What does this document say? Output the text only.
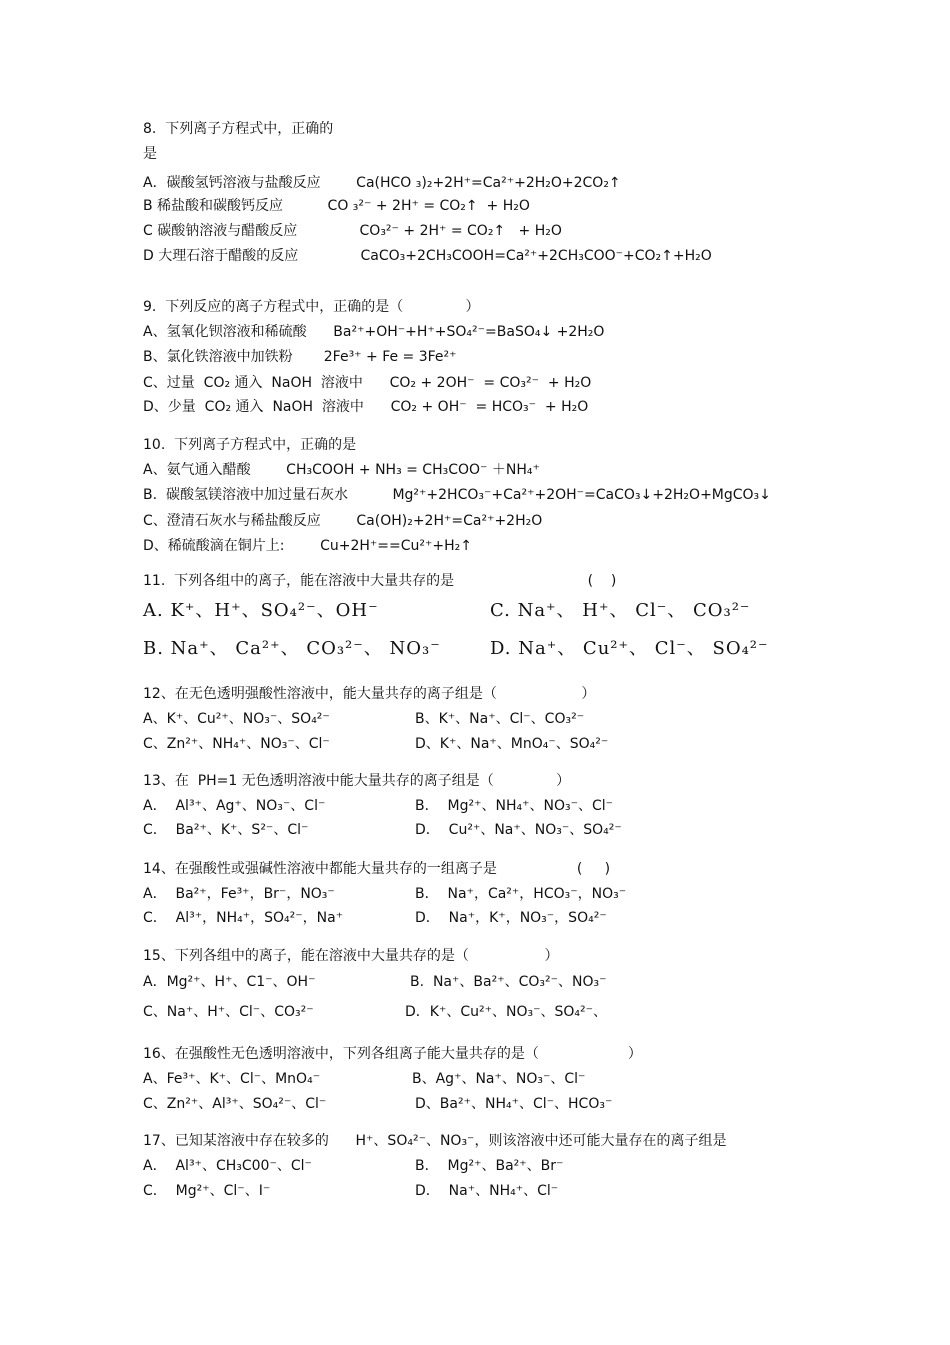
8.  下列离子方程式中，正确的
是
A．碳酸氢钙溶液与盐酸反应        Ca(HCO ₃)₂+2H⁺=Ca²⁺+2H₂O+2CO₂↑
B 稀盐酸和碳酸钙反应          CO ₃²⁻ + 2H⁺ = CO₂↑  + H₂O
C 碳酸钠溶液与醋酸反应              CO₃²⁻ + 2H⁺ = CO₂↑   + H₂O
D 大理石溶于醋酸的反应              CaCO₃+2CH₃COOH=Ca²⁺+2CH₃COO⁻+CO₂↑+H₂O
9.  下列反应的离子方程式中，正确的是（              ）
A、氢氧化钡溶液和稀硫酸      Ba²⁺+OH⁻+H⁺+SO₄²⁻=BaSO₄↓ +2H₂O
B、氯化铁溶液中加铁粉       2Fe³⁺ + Fe = 3Fe²⁺
C、过量  CO₂ 通入  NaOH  溶液中      CO₂ + 2OH⁻  = CO₃²⁻  + H₂O
D、少量  CO₂ 通入  NaOH  溶液中      CO₂ + OH⁻  = HCO₃⁻  + H₂O
10.  下列离子方程式中，正确的是
A、氨气通入醋酸        CH₃COOH + NH₃ = CH₃COO⁻ ＋NH₄⁺
B.  碳酸氢镁溶液中加过量石灰水          Mg²⁺+2HCO₃⁻+Ca²⁺+2OH⁻=CaCO₃↓+2H₂O+MgCO₃↓
C、澄清石灰水与稀盐酸反应        Ca(OH)₂+2H⁺=Ca²⁺+2H₂O
D、稀硫酸滴在铜片上:        Cu+2H⁺==Cu²⁺+H₂↑
11.  下列各组中的离子，能在溶液中大量共存的是                              (    )
A. K⁺、H⁺、SO₄²⁻、OH⁻	C. Na⁺、 H⁺、 Cl⁻、 CO₃²⁻
B. Na⁺、 Ca²⁺、 CO₃²⁻、 NO₃⁻	D. Na⁺、 Cu²⁺、 Cl⁻、 SO₄²⁻
12、在无色透明强酸性溶液中，能大量共存的离子组是（                   ）
A、K⁺、Cu²⁺、NO₃⁻、SO₄²⁻	B、K⁺、Na⁺、Cl⁻、CO₃²⁻
C、Zn²⁺、NH₄⁺、NO₃⁻、Cl⁻	D、K⁺、Na⁺、MnO₄⁻、SO₄²⁻
13、在  PH=1 无色透明溶液中能大量共存的离子组是（              ）
A．  Al³⁺、Ag⁺、NO₃⁻、Cl⁻	B．  Mg²⁺、NH₄⁺、NO₃⁻、Cl⁻
C．  Ba²⁺、K⁺、S²⁻、Cl⁻	D．  Cu²⁺、Na⁺、NO₃⁻、SO₄²⁻
14、在强酸性或强碱性溶液中都能大量共存的一组离子是                  (     )
A．  Ba²⁺，Fe³⁺，Br⁻，NO₃⁻	B．  Na⁺，Ca²⁺，HCO₃⁻，NO₃⁻
C．  Al³⁺，NH₄⁺，SO₄²⁻，Na⁺	D．  Na⁺，K⁺，NO₃⁻，SO₄²⁻
15、下列各组中的离子，能在溶液中大量共存的是（                 ）
A．Mg²⁺、H⁺、C1⁻、OH⁻	B.  Na⁺、Ba²⁺、CO₃²⁻、NO₃⁻
C、Na⁺、H⁺、Cl⁻、CO₃²⁻	D．K⁺、Cu²⁺、NO₃⁻、SO₄²⁻、
16、在强酸性无色透明溶液中，下列各组离子能大量共存的是（                    ）
A、Fe³⁺、K⁺、Cl⁻、MnO₄⁻	B、Ag⁺、Na⁺、NO₃⁻、Cl⁻
C、Zn²⁺、Al³⁺、SO₄²⁻、Cl⁻	D、Ba²⁺、NH₄⁺、Cl⁻、HCO₃⁻
17、已知某溶液中存在较多的      H⁺、SO₄²⁻、NO₃⁻，则该溶液中还可能大量存在的离子组是
A．  Al³⁺、CH₃C00⁻、Cl⁻	B．  Mg²⁺、Ba²⁺、Br⁻
C．  Mg²⁺、Cl⁻、I⁻	D．  Na⁺、NH₄⁺、Cl⁻
